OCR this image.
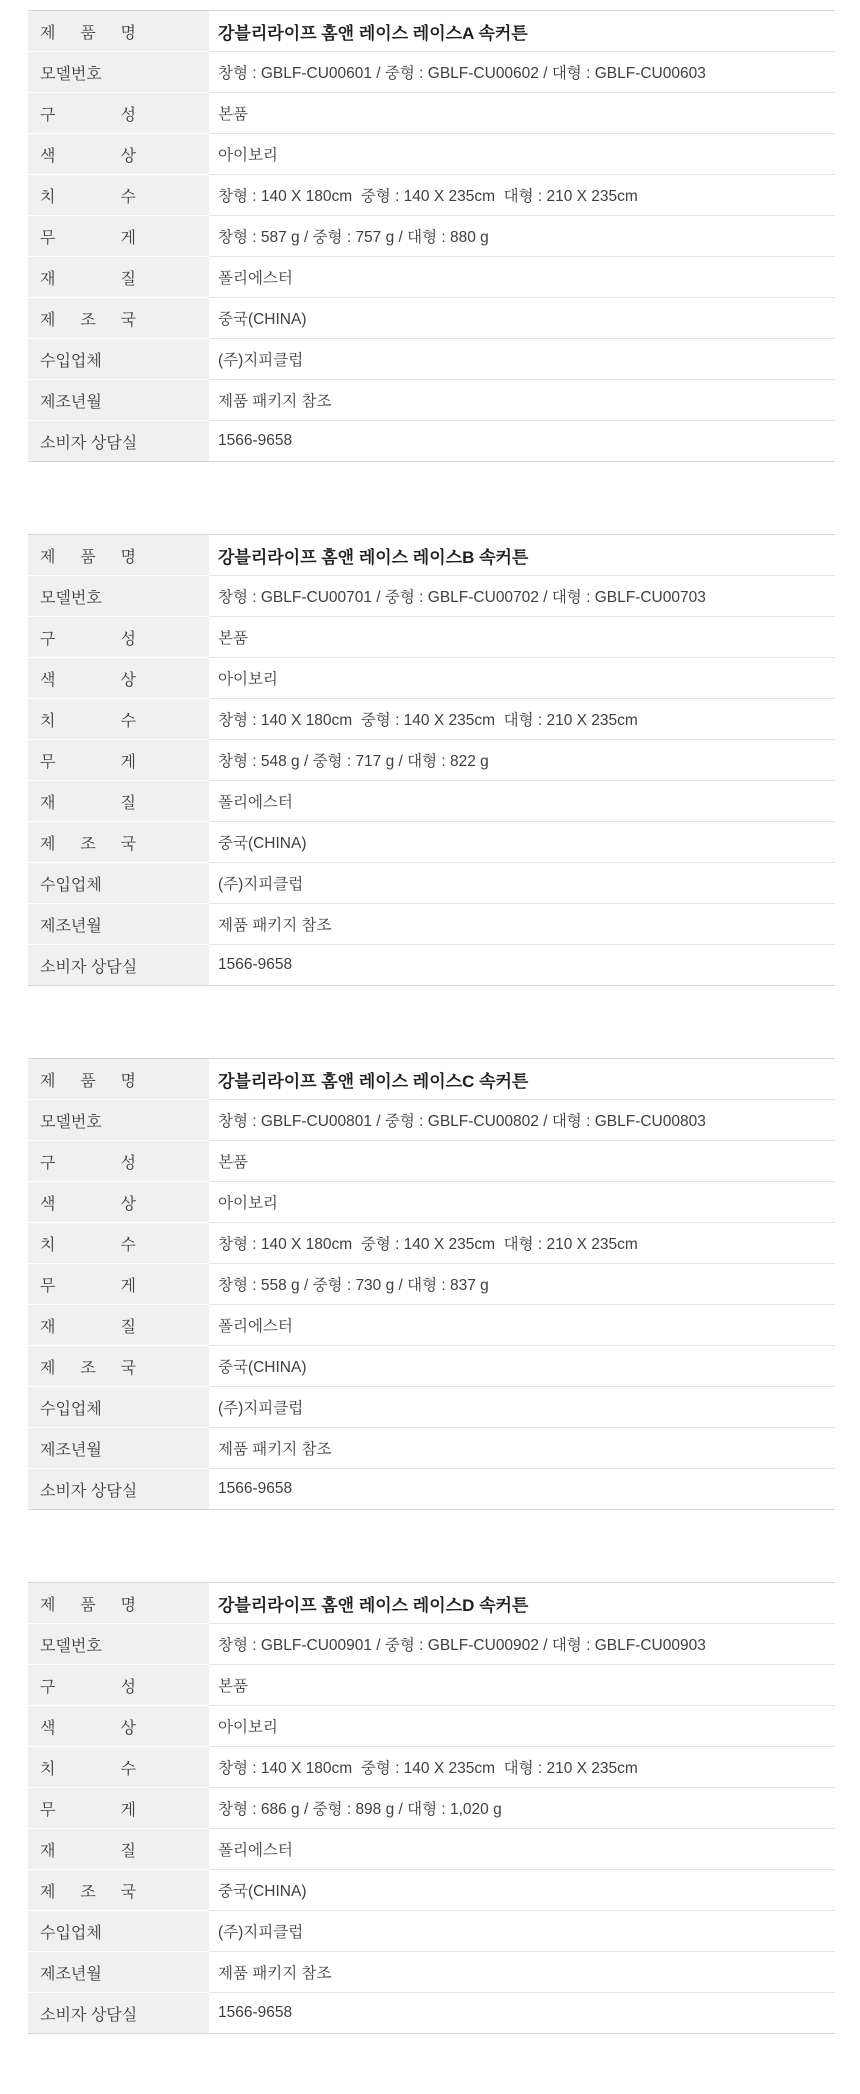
제 품 명	강블리라이프 홈앤 레이스 레이스A 속커튼
모델번호	창형 : GBLF-CU00601 / 중형 : GBLF-CU00602 / 대형 : GBLF-CU00603
구 성	본품
색 상	아이보리
치 수	창형 : 140 X 180cm  중형 : 140 X 235cm  대형 : 210 X 235cm
무 게	창형 : 587 g / 중형 : 757 g / 대형 : 880 g
재 질	폴리에스터
제 조 국	중국(CHINA)
수입업체	(주)지피클럽
제조년월	제품 패키지 참조
소비자 상담실	1566-9658
제 품 명	강블리라이프 홈앤 레이스 레이스B 속커튼
모델번호	창형 : GBLF-CU00701 / 중형 : GBLF-CU00702 / 대형 : GBLF-CU00703
구 성	본품
색 상	아이보리
치 수	창형 : 140 X 180cm  중형 : 140 X 235cm  대형 : 210 X 235cm
무 게	창형 : 548 g / 중형 : 717 g / 대형 : 822 g
재 질	폴리에스터
제 조 국	중국(CHINA)
수입업체	(주)지피클럽
제조년월	제품 패키지 참조
소비자 상담실	1566-9658
제 품 명	강블리라이프 홈앤 레이스 레이스C 속커튼
모델번호	창형 : GBLF-CU00801 / 중형 : GBLF-CU00802 / 대형 : GBLF-CU00803
구 성	본품
색 상	아이보리
치 수	창형 : 140 X 180cm  중형 : 140 X 235cm  대형 : 210 X 235cm
무 게	창형 : 558 g / 중형 : 730 g / 대형 : 837 g
재 질	폴리에스터
제 조 국	중국(CHINA)
수입업체	(주)지피클럽
제조년월	제품 패키지 참조
소비자 상담실	1566-9658
제 품 명	강블리라이프 홈앤 레이스 레이스D 속커튼
모델번호	창형 : GBLF-CU00901 / 중형 : GBLF-CU00902 / 대형 : GBLF-CU00903
구 성	본품
색 상	아이보리
치 수	창형 : 140 X 180cm  중형 : 140 X 235cm  대형 : 210 X 235cm
무 게	창형 : 686 g / 중형 : 898 g / 대형 : 1,020 g
재 질	폴리에스터
제 조 국	중국(CHINA)
수입업체	(주)지피클럽
제조년월	제품 패키지 참조
소비자 상담실	1566-9658
